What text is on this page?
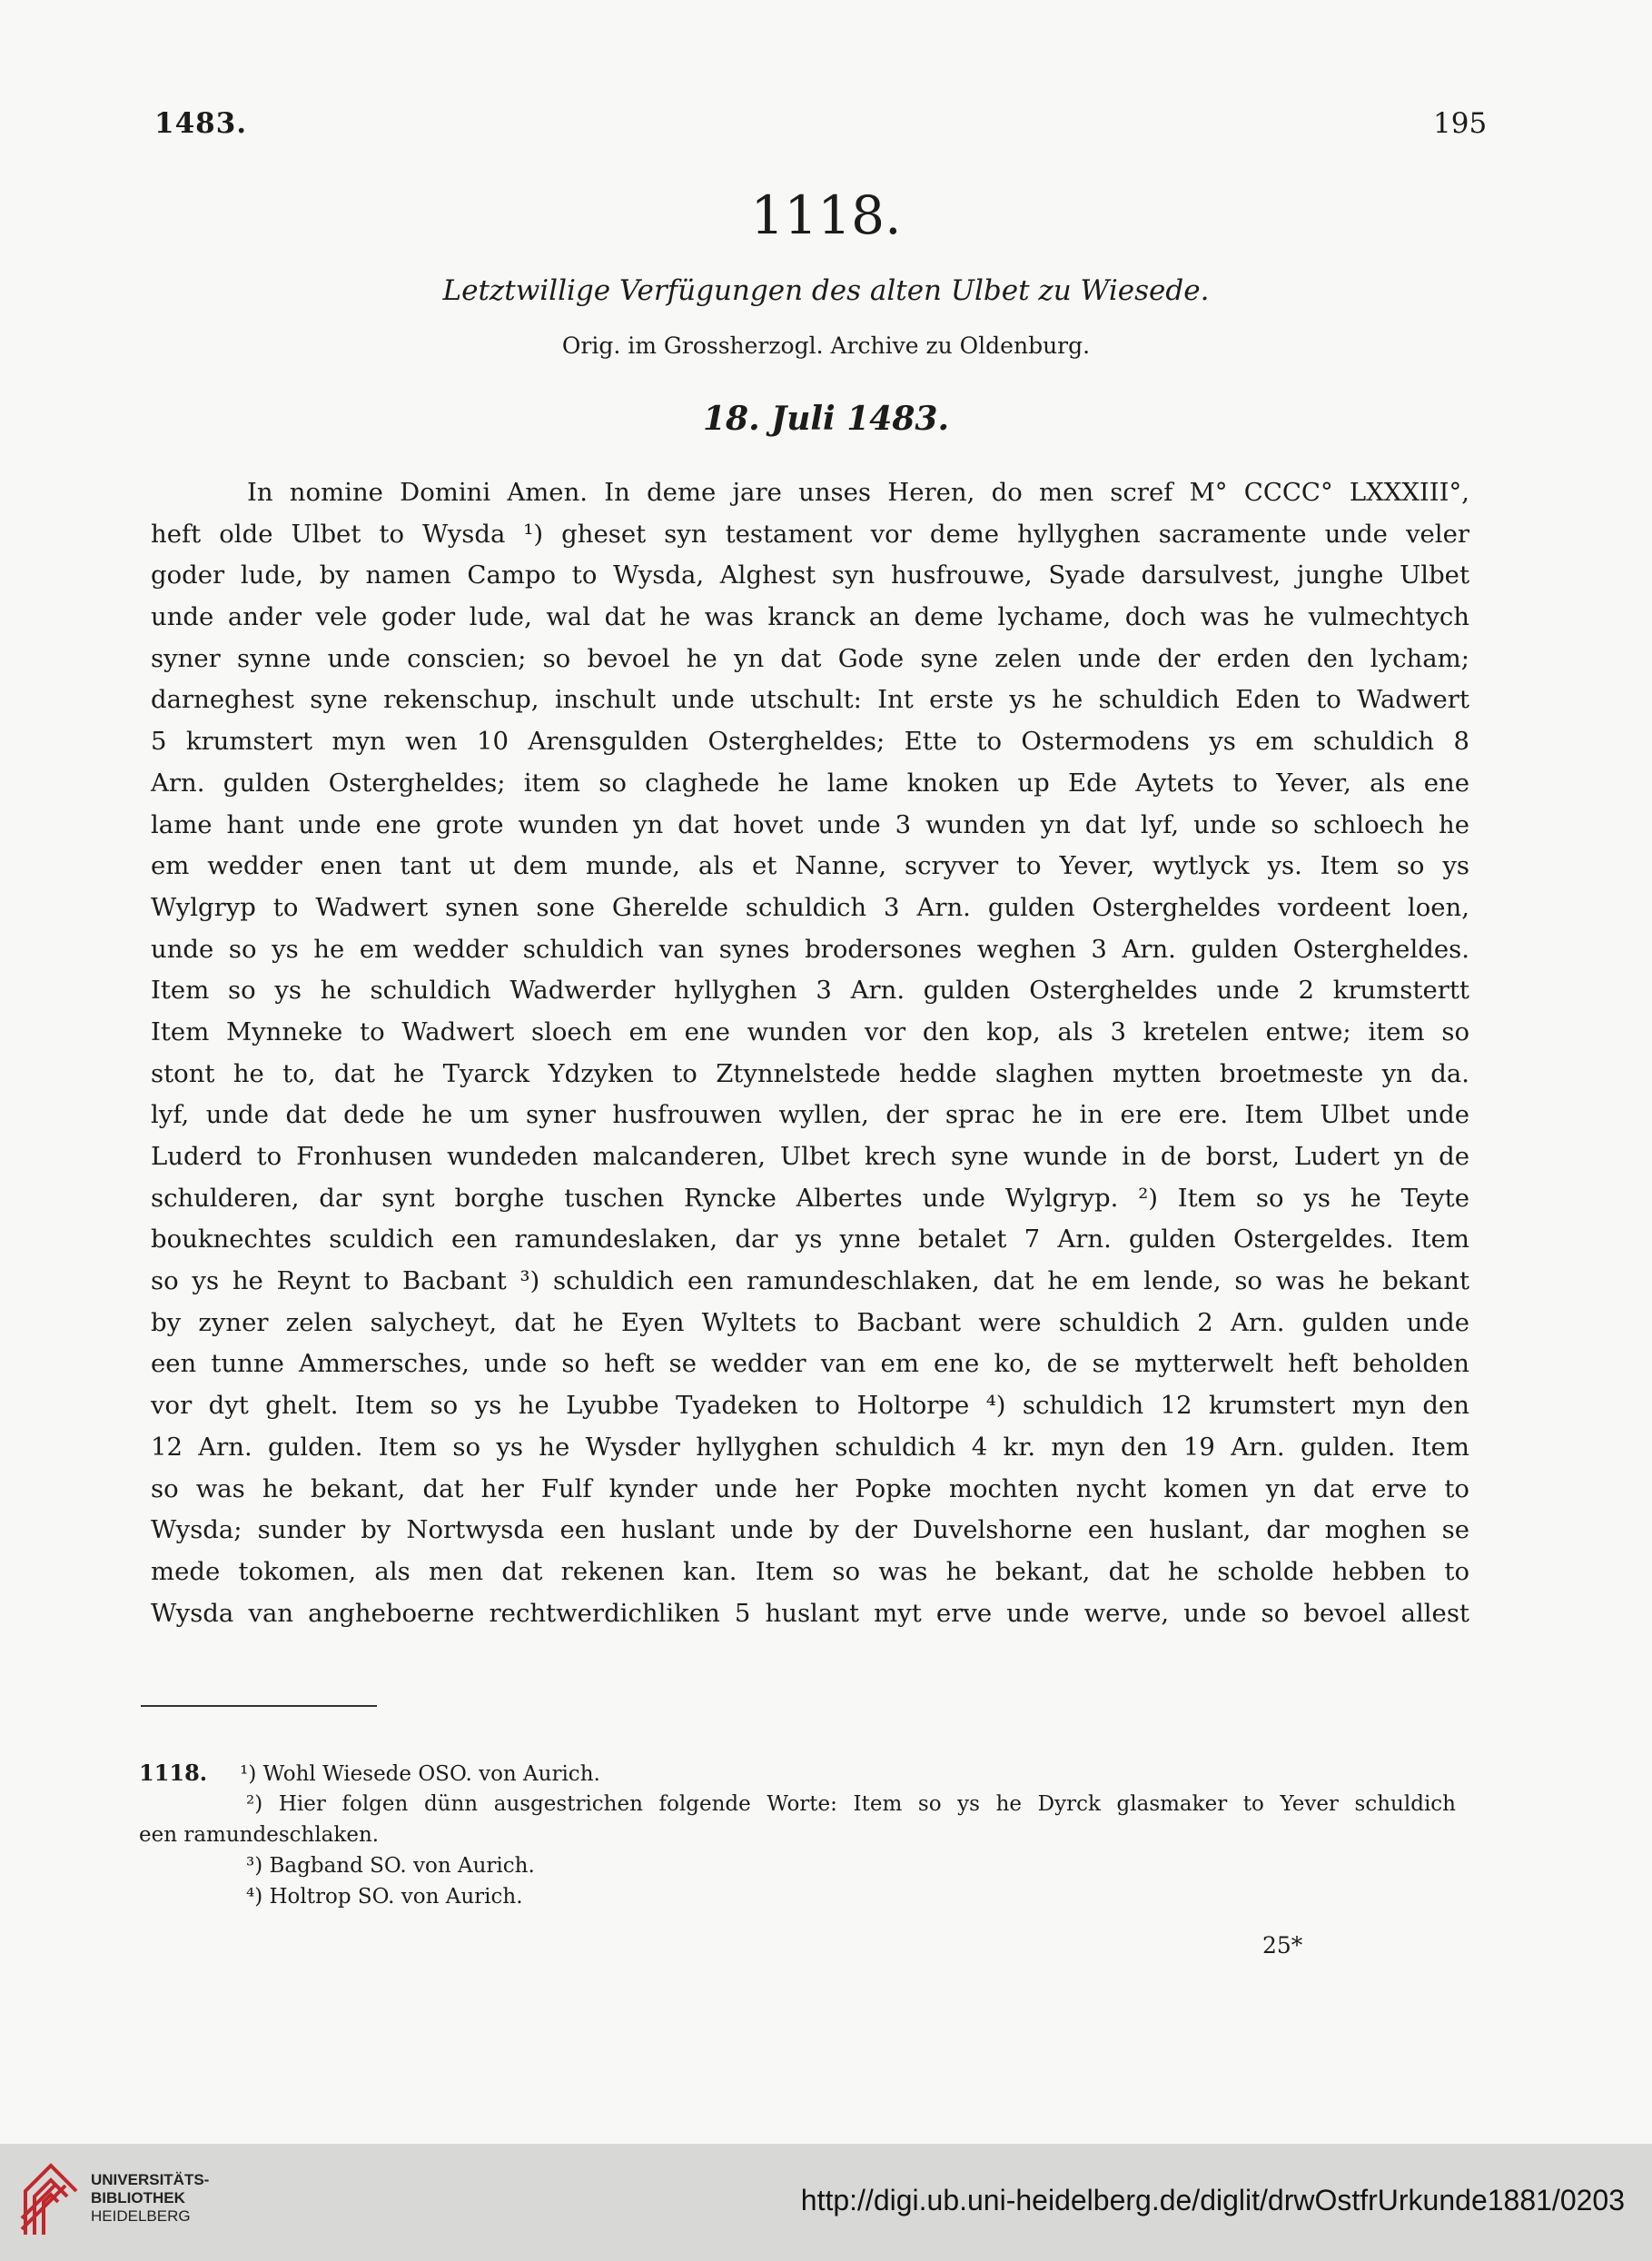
1483.	195
1118.
Letztwillige Verfügungen des alten Ulbet zu Wiesede.
Orig. im Grossherzogl. Archive zu Oldenburg.
18. Juli 1483.
In nomine Domini Amen. In deme jare unses Heren, do men scref M° CCCC° LXXXIII°,
heft olde Ulbet to Wysda ¹) gheset syn testament vor deme hyllyghen sacramente unde veler
goder lude, by namen Campo to Wysda, Alghest syn husfrouwe, Syade darsulvest, junghe Ulbet
unde ander vele goder lude, wal dat he was kranck an deme lychame, doch was he vulmechtych
syner synne unde conscien; so bevoel he yn dat Gode syne zelen unde der erden den lycham;
darneghest syne rekenschup, inschult unde utschult: Int erste ys he schuldich Eden to Wadwert
5 krumstert myn wen 10 Arensgulden Ostergheldes; Ette to Ostermodens ys em schuldich 8
Arn. gulden Ostergheldes; item so claghede he lame knoken up Ede Aytets to Yever, als ene
lame hant unde ene grote wunden yn dat hovet unde 3 wunden yn dat lyf, unde so schloech he
em wedder enen tant ut dem munde, als et Nanne, scryver to Yever, wytlyck ys. Item so ys
Wylgryp to Wadwert synen sone Gherelde schuldich 3 Arn. gulden Ostergheldes vordeent loen,
unde so ys he em wedder schuldich van synes brodersones weghen 3 Arn. gulden Ostergheldes.
Item so ys he schuldich Wadwerder hyllyghen 3 Arn. gulden Ostergheldes unde 2 krumstertt
Item Mynneke to Wadwert sloech em ene wunden vor den kop, als 3 kretelen entwe; item so
stont he to, dat he Tyarck Ydzyken to Ztynnelstede hedde slaghen mytten broetmeste yn da.
lyf, unde dat dede he um syner husfrouwen wyllen, der sprac he in ere ere. Item Ulbet unde
Luderd to Fronhusen wundeden malcanderen, Ulbet krech syne wunde in de borst, Ludert yn de
schulderen, dar synt borghe tuschen Ryncke Albertes unde Wylgryp. ²) Item so ys he Teyte
bouknechtes sculdich een ramundeslaken, dar ys ynne betalet 7 Arn. gulden Ostergeldes. Item
so ys he Reynt to Bacbant ³) schuldich een ramundeschlaken, dat he em lende, so was he bekant
by zyner zelen salycheyt, dat he Eyen Wyltets to Bacbant were schuldich 2 Arn. gulden unde
een tunne Ammersches, unde so heft se wedder van em ene ko, de se mytterwelt heft beholden
vor dyt ghelt. Item so ys he Lyubbe Tyadeken to Holtorpe ⁴) schuldich 12 krumstert myn den
12 Arn. gulden. Item so ys he Wysder hyllyghen schuldich 4 kr. myn den 19 Arn. gulden. Item
so was he bekant, dat her Fulf kynder unde her Popke mochten nycht komen yn dat erve to
Wysda; sunder by Nortwysda een huslant unde by der Duvelshorne een huslant, dar moghen se
mede tokomen, als men dat rekenen kan. Item so was he bekant, dat he scholde hebben to
Wysda van angheboerne rechtwerdichliken 5 huslant myt erve unde werve, unde so bevoel allest
1118. ¹) Wohl Wiesede OSO. von Aurich.
²) Hier folgen dünn ausgestrichen folgende Worte: Item so ys he Dyrck glasmaker to Yever schuldich
een ramundeschlaken.
³) Bagband SO. von Aurich.
⁴) Holtrop SO. von Aurich.
25*
UNIVERSITÄTS-
BIBLIOTHEK
HEIDELBERG	http://digi.ub.uni-heidelberg.de/diglit/drwOstfrUrkunde1881/0203
